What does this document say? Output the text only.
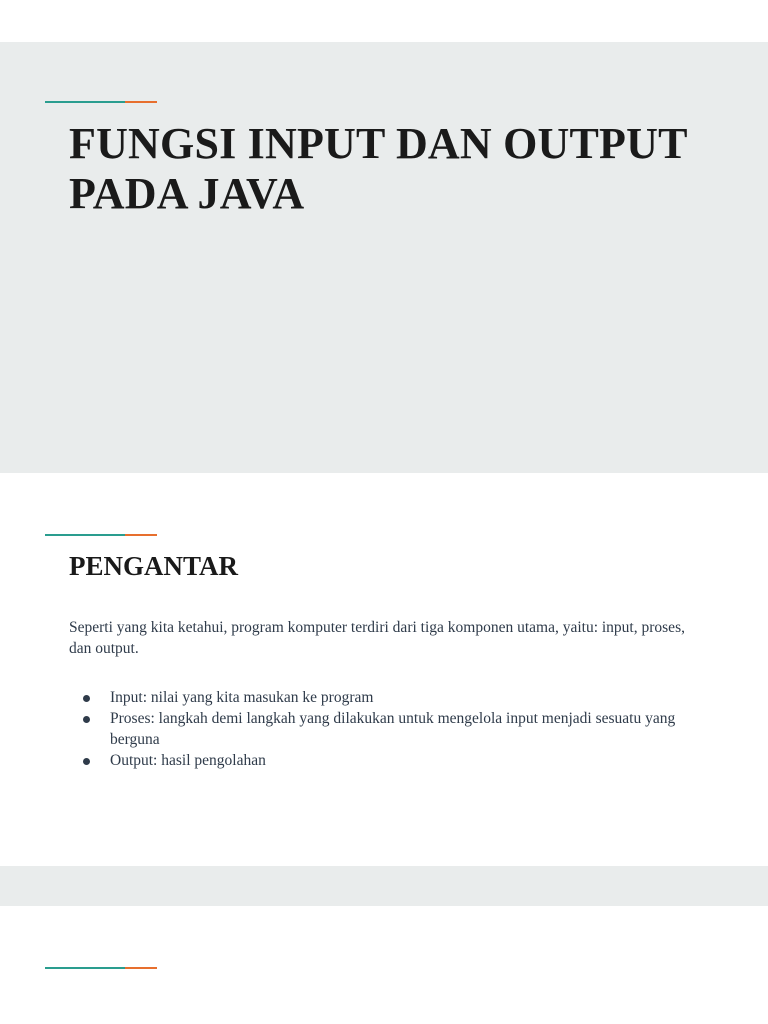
FUNGSI INPUT DAN OUTPUT
PADA JAVA
PENGANTAR

Seperti yang kita ketahui, program komputer terdiri dari tiga komponen utama, yaitu: input, proses, dan output.

Input: nilai yang kita masukan ke program
Proses: langkah demi langkah yang dilakukan untuk mengelola input menjadi sesuatu yang berguna
Output: hasil pengolahan
